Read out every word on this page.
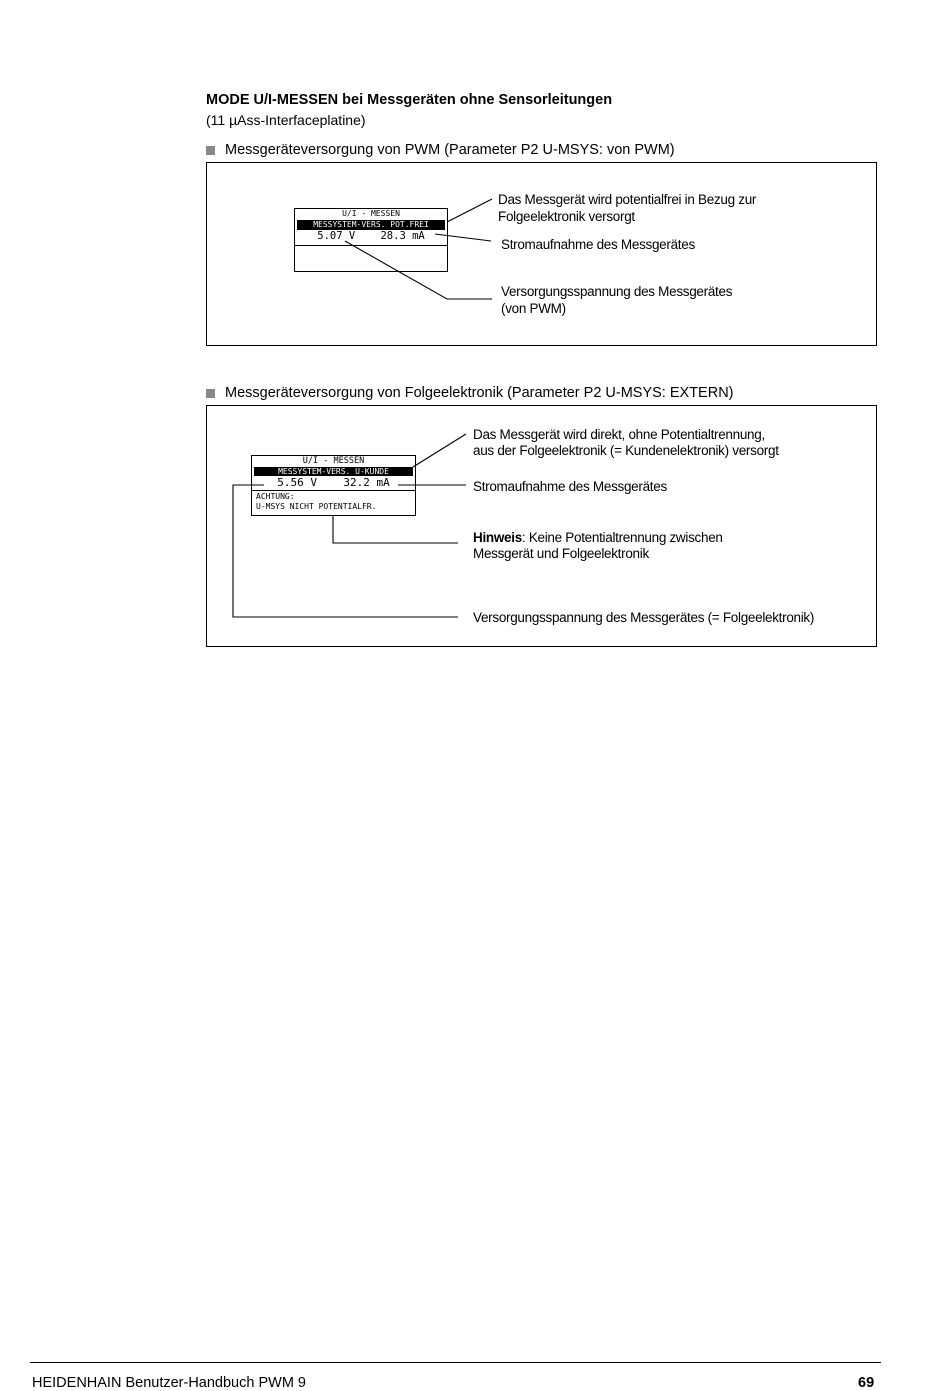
MODE U/I-MESSEN bei Messgeräten ohne Sensorleitungen
(11 µAss-Interfaceplatine)
Messgeräteversorgung von PWM (Parameter P2 U-MSYS: von PWM)
U/I - MESSEN
MESSYSTEM-VERS. POT.FREI
5.07 V    28.3 mA
Das Messgerät wird potentialfrei in Bezug zur
Folgeelektronik versorgt
Stromaufnahme des Messgerätes
Versorgungsspannung des Messgerätes
(von PWM)
Messgeräteversorgung von Folgeelektronik (Parameter P2 U-MSYS: EXTERN)
U/I - MESSEN
MESSYSTEM-VERS. U-KUNDE
5.56 V    32.2 mA
ACHTUNG:
U-MSYS NICHT POTENTIALFR.
Das Messgerät wird direkt, ohne Potentialtrennung,
aus der Folgeelektronik (= Kundenelektronik) versorgt
Stromaufnahme des Messgerätes
Hinweis: Keine Potentialtrennung zwischen
Messgerät und Folgeelektronik
Versorgungsspannung des Messgerätes (= Folgeelektronik)
HEIDENHAIN Benutzer-Handbuch PWM 9	69
